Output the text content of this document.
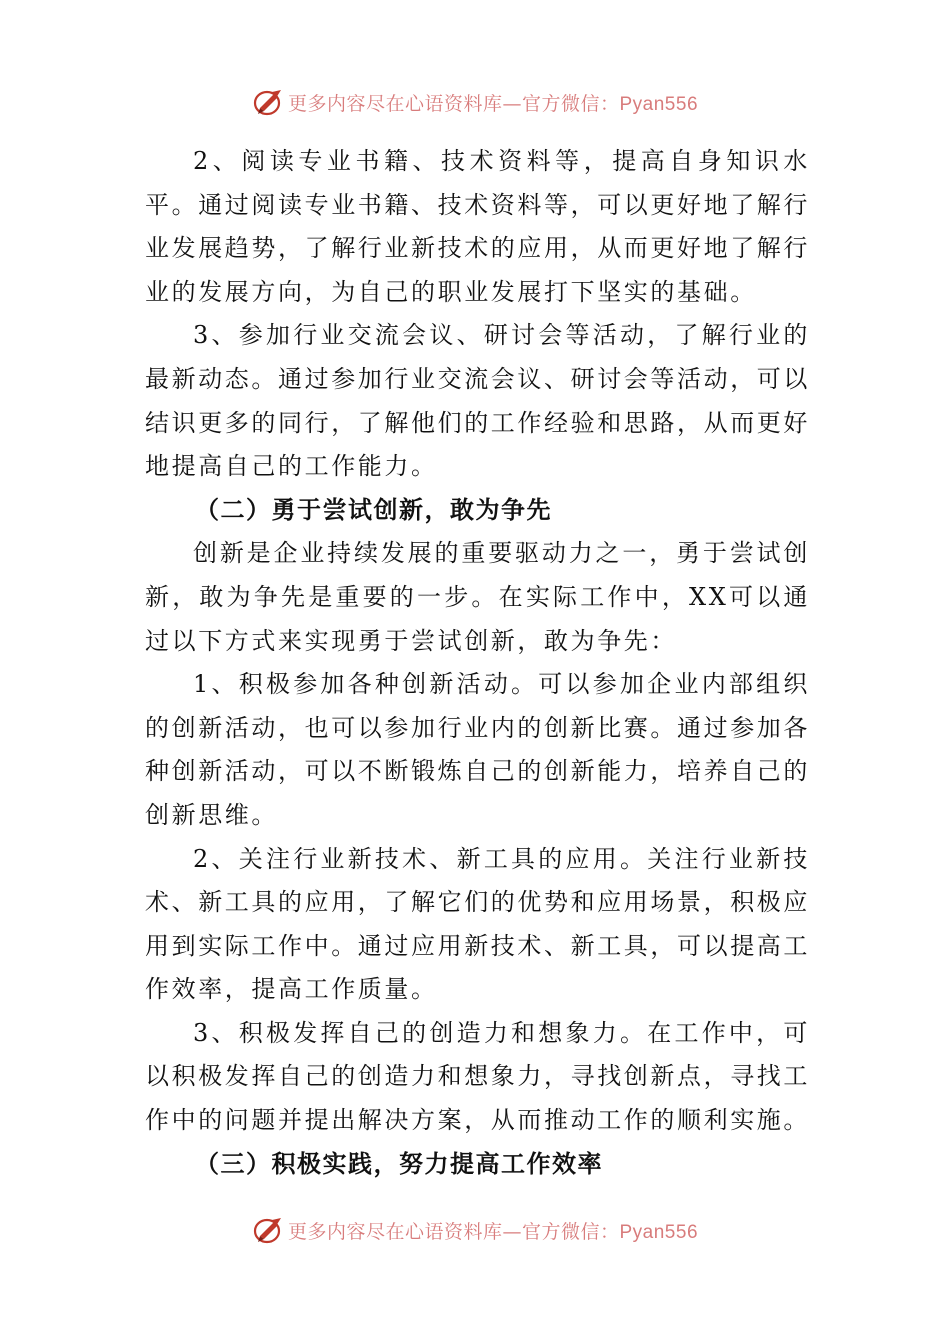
更多内容尽在心语资料库—官方微信：Pyan556

2、阅读专业书籍、技术资料等，提高自身知识水平。通过阅读专业书籍、技术资料等，可以更好地了解行业发展趋势，了解行业新技术的应用，从而更好地了解行业的发展方向，为自己的职业发展打下坚实的基础。

3、参加行业交流会议、研讨会等活动，了解行业的最新动态。通过参加行业交流会议、研讨会等活动，可以结识更多的同行，了解他们的工作经验和思路，从而更好地提高自己的工作能力。

（二）勇于尝试创新，敢为争先

创新是企业持续发展的重要驱动力之一，勇于尝试创新，敢为争先是重要的一步。在实际工作中，XX可以通过以下方式来实现勇于尝试创新，敢为争先：

1、积极参加各种创新活动。可以参加企业内部组织的创新活动，也可以参加行业内的创新比赛。通过参加各种创新活动，可以不断锻炼自己的创新能力，培养自己的创新思维。

2、关注行业新技术、新工具的应用。关注行业新技术、新工具的应用，了解它们的优势和应用场景，积极应用到实际工作中。通过应用新技术、新工具，可以提高工作效率，提高工作质量。

3、积极发挥自己的创造力和想象力。在工作中，可以积极发挥自己的创造力和想象力，寻找创新点，寻找工作中的问题并提出解决方案，从而推动工作的顺利实施。

（三）积极实践，努力提高工作效率

更多内容尽在心语资料库—官方微信：Pyan556
